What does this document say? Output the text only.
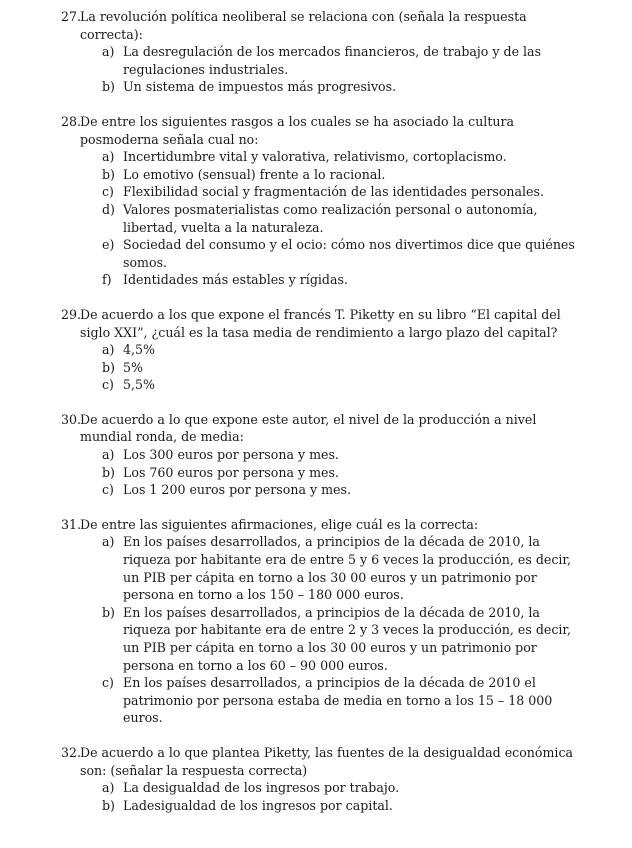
27.
La revolución política neoliberal se relaciona con (señala la respuesta correcta):
a) La desregulación de los mercados financieros, de trabajo y de las regulaciones industriales.
b) Un sistema de impuestos más progresivos.
28.
De entre los siguientes rasgos a los cuales se ha asociado la cultura posmoderna señala cual no:
a) Incertidumbre vital y valorativa, relativismo, cortoplacismo.
b) Lo emotivo (sensual) frente a lo racional.
c) Flexibilidad social y fragmentación de las identidades personales.
d) Valores posmaterialistas como realización personal o autonomía, libertad, vuelta a la naturaleza.
e) Sociedad del consumo y el ocio: cómo nos divertimos dice que quiénes somos.
f) Identidades más estables y rígidas.
29.
De acuerdo a los que expone el francés T. Piketty en su libro “El capital del siglo XXI”, ¿cuál es la tasa media de rendimiento a largo plazo del capital?
a) 4,5%
b) 5%
c) 5,5%
30.
De acuerdo a lo que expone este autor, el nivel de la producción a nivel mundial ronda, de media:
a) Los 300 euros por persona y mes.
b) Los 760 euros por persona y mes.
c) Los 1 200 euros por persona y mes.
31.
De entre las siguientes afirmaciones, elige cuál es la correcta:
a) En los países desarrollados, a principios de la década de 2010, la riqueza por habitante era de entre 5 y 6 veces la producción, es decir, un PIB per cápita en torno a los 30 00 euros y un patrimonio por persona en torno a los 150 – 180 000 euros.
b) En los países desarrollados, a principios de la década de 2010, la riqueza por habitante era de entre 2 y 3 veces la producción, es decir, un PIB per cápita en torno a los 30 00 euros y un patrimonio por persona en torno a los 60 – 90 000 euros.
c) En los países desarrollados, a principios de la década de 2010 el patrimonio por persona estaba de media en torno a los 15 – 18 000 euros.
32.
De acuerdo a lo que plantea Piketty, las fuentes de la desigualdad económica son: (señalar la respuesta correcta)
a) La desigualdad de los ingresos por trabajo.
b) Ladesigualdad de los ingresos por capital.
